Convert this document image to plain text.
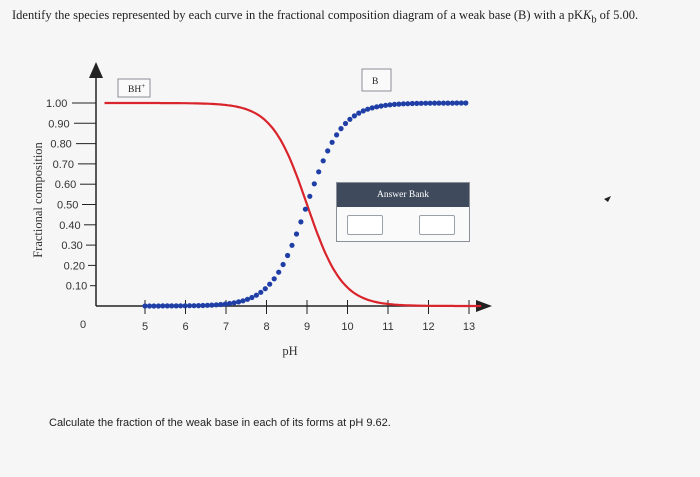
Identify the species represented by each curve in the fractional composition diagram of a weak base (B) with a pKK$_b$ of 5.00.
Fractional composition
pH
1.00
0.90
0.80
0.70
0.60
0.50
0.40
0.30
0.20
0.10
0	5	6	7	8	9	10	11	12	13
BH+	B
Answer Bank
Calculate the fraction of the weak base in each of its forms at pH 9.62.
